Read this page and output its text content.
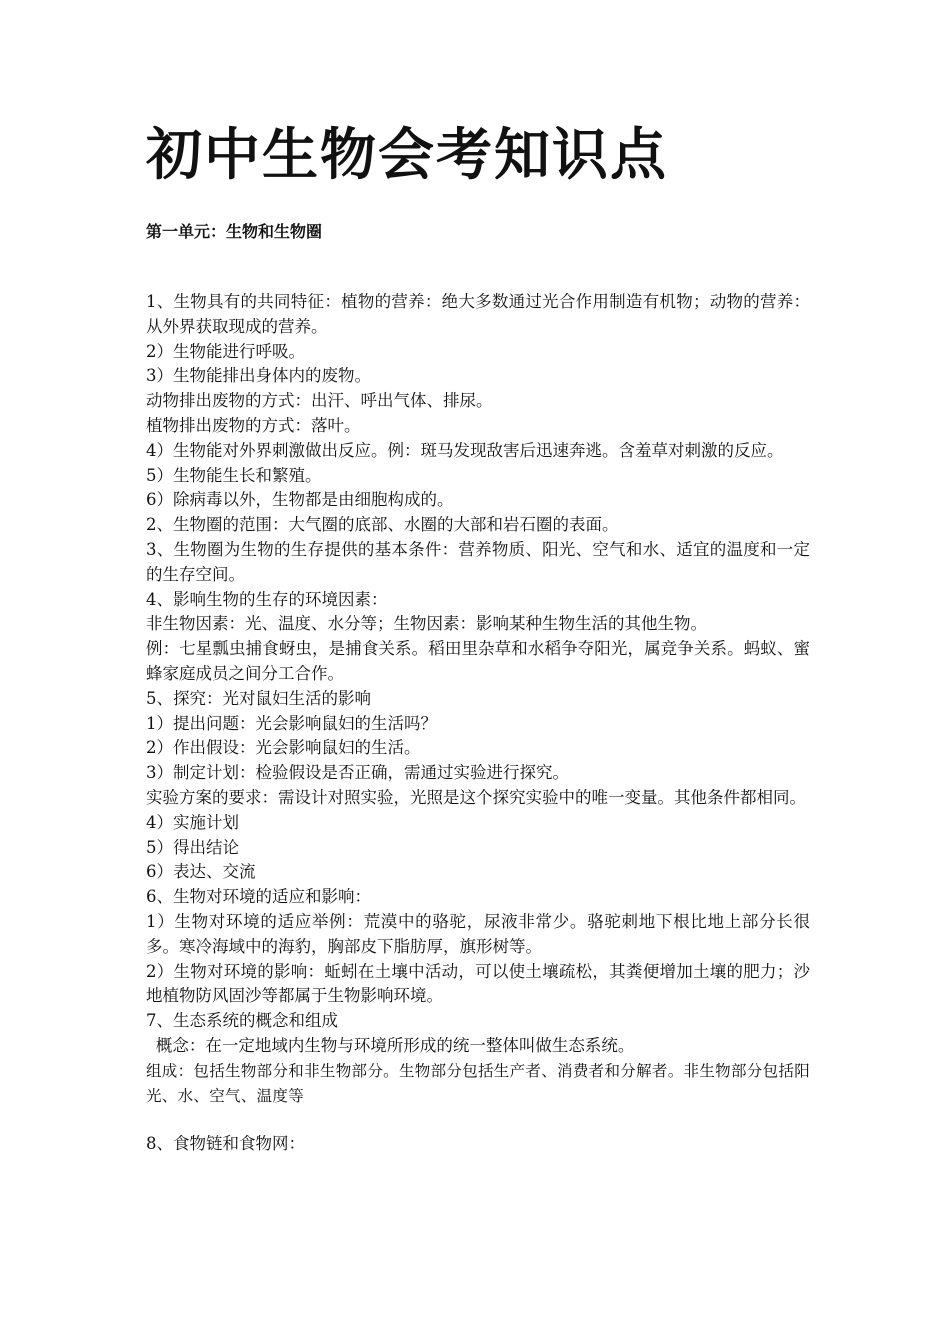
初中生物会考知识点
第一单元：生物和生物圈

1、生物具有的共同特征：植物的营养：绝大多数通过光合作用制造有机物；动物的营养：从外界获取现成的营养。

2）生物能进行呼吸。

3）生物能排出身体内的废物。

动物排出废物的方式：出汗、呼出气体、排尿。

植物排出废物的方式：落叶。

4）生物能对外界刺激做出反应。例：斑马发现敌害后迅速奔逃。含羞草对刺激的反应。

5）生物能生长和繁殖。

6）除病毒以外，生物都是由细胞构成的。

2、生物圈的范围：大气圈的底部、水圈的大部和岩石圈的表面。

3、生物圈为生物的生存提供的基本条件：营养物质、阳光、空气和水、适宜的温度和一定的生存空间。

4、影响生物的生存的环境因素：

非生物因素：光、温度、水分等；生物因素：影响某种生物生活的其他生物。

例：七星瓢虫捕食蚜虫，是捕食关系。稻田里杂草和水稻争夺阳光，属竞争关系。蚂蚁、蜜蜂家庭成员之间分工合作。

5、探究：光对鼠妇生活的影响

1）提出问题：光会影响鼠妇的生活吗？

2）作出假设：光会影响鼠妇的生活。

3）制定计划：检验假设是否正确，需通过实验进行探究。

实验方案的要求：需设计对照实验，光照是这个探究实验中的唯一变量。其他条件都相同。

4）实施计划

5）得出结论

6）表达、交流

6、生物对环境的适应和影响：

1）生物对环境的适应举例：荒漠中的骆驼，尿液非常少。骆驼刺地下根比地上部分长很多。寒冷海域中的海豹，胸部皮下脂肪厚，旗形树等。

2）生物对环境的影响：蚯蚓在土壤中活动，可以使土壤疏松，其粪便增加土壤的肥力；沙地植物防风固沙等都属于生物影响环境。

7、生态系统的概念和组成

概念：在一定地域内生物与环境所形成的统一整体叫做生态系统。

组成：包括生物部分和非生物部分。生物部分包括生产者、消费者和分解者。非生物部分包括阳光、水、空气、温度等

8、食物链和食物网：
